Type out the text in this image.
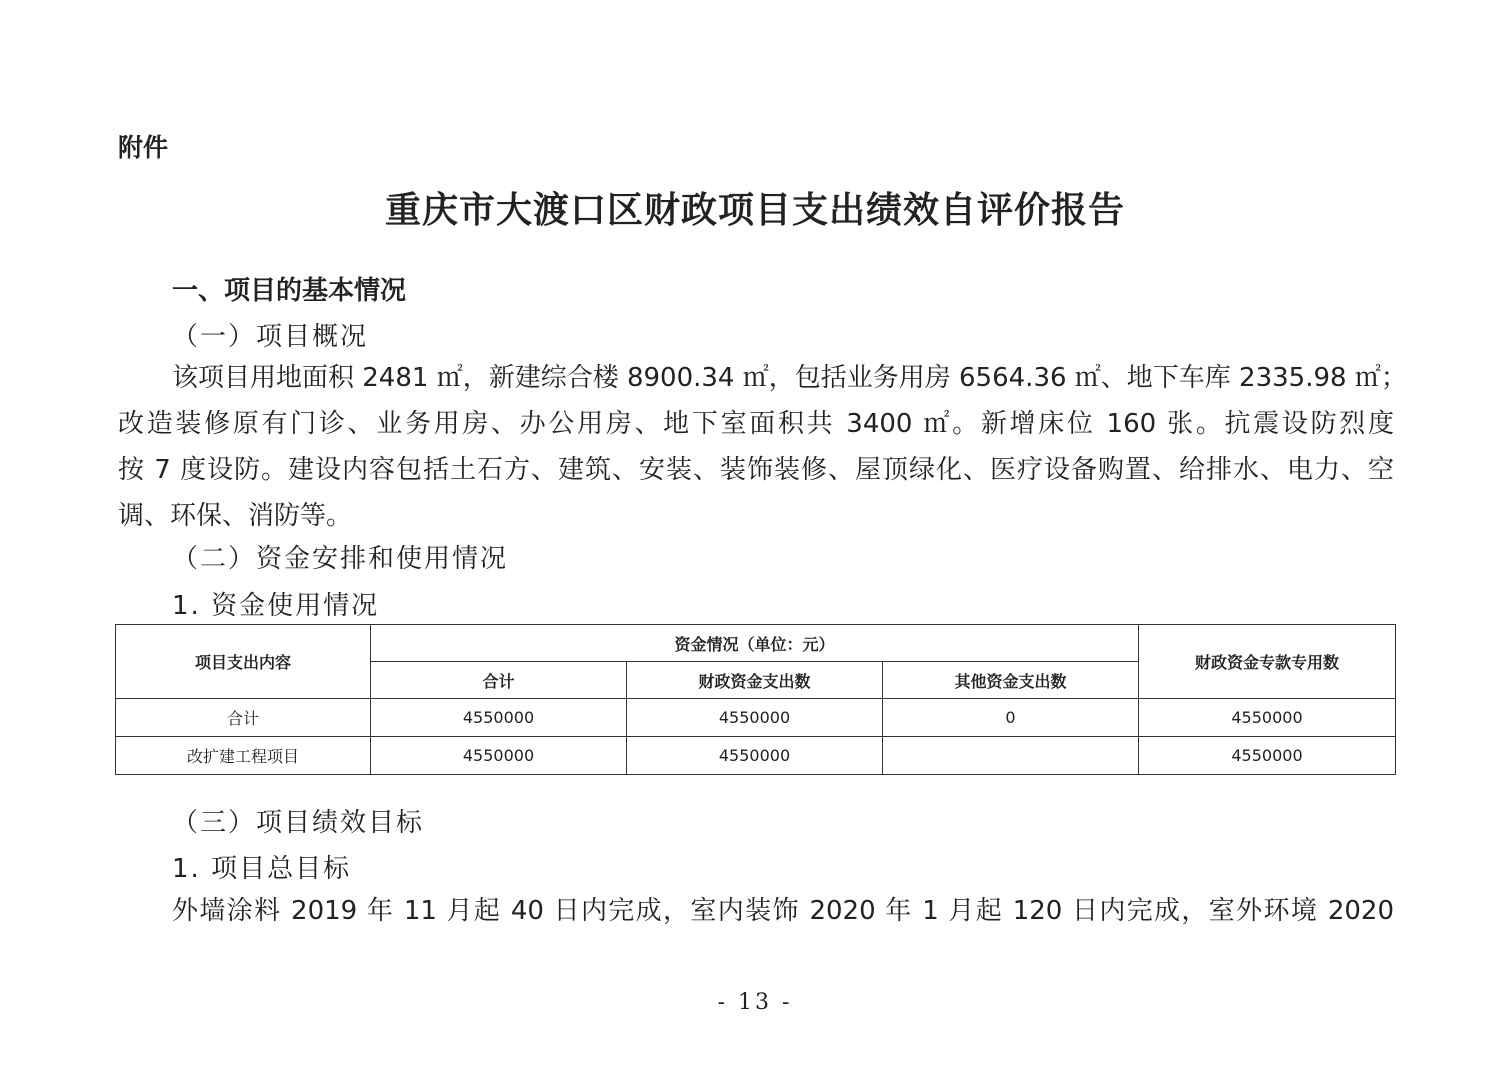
附件
重庆市大渡口区财政项目支出绩效自评价报告
一、项目的基本情况
（一）项目概况
该项目用地面积 2481 ㎡，新建综合楼 8900.34 ㎡，包括业务用房 6564.36 ㎡、地下车库 2335.98 ㎡；
改造装修原有门诊、业务用房、办公用房、地下室面积共 3400 ㎡。新增床位 160 张。抗震设防烈度
按 7 度设防。建设内容包括土石方、建筑、安装、装饰装修、屋顶绿化、医疗设备购置、给排水、电力、空
调、环保、消防等。
（二）资金安排和使用情况
1. 资金使用情况
项目支出内容	资金情况（单位：元）			财政资金专款专用数
	合计	财政资金支出数	其他资金支出数	
合计	4550000	4550000	0	4550000
改扩建工程项目	4550000	4550000		4550000
（三）项目绩效目标
1. 项目总目标
外墙涂料 2019 年 11 月起 40 日内完成，室内装饰 2020 年 1 月起 120 日内完成，室外环境 2020
- 13 -
